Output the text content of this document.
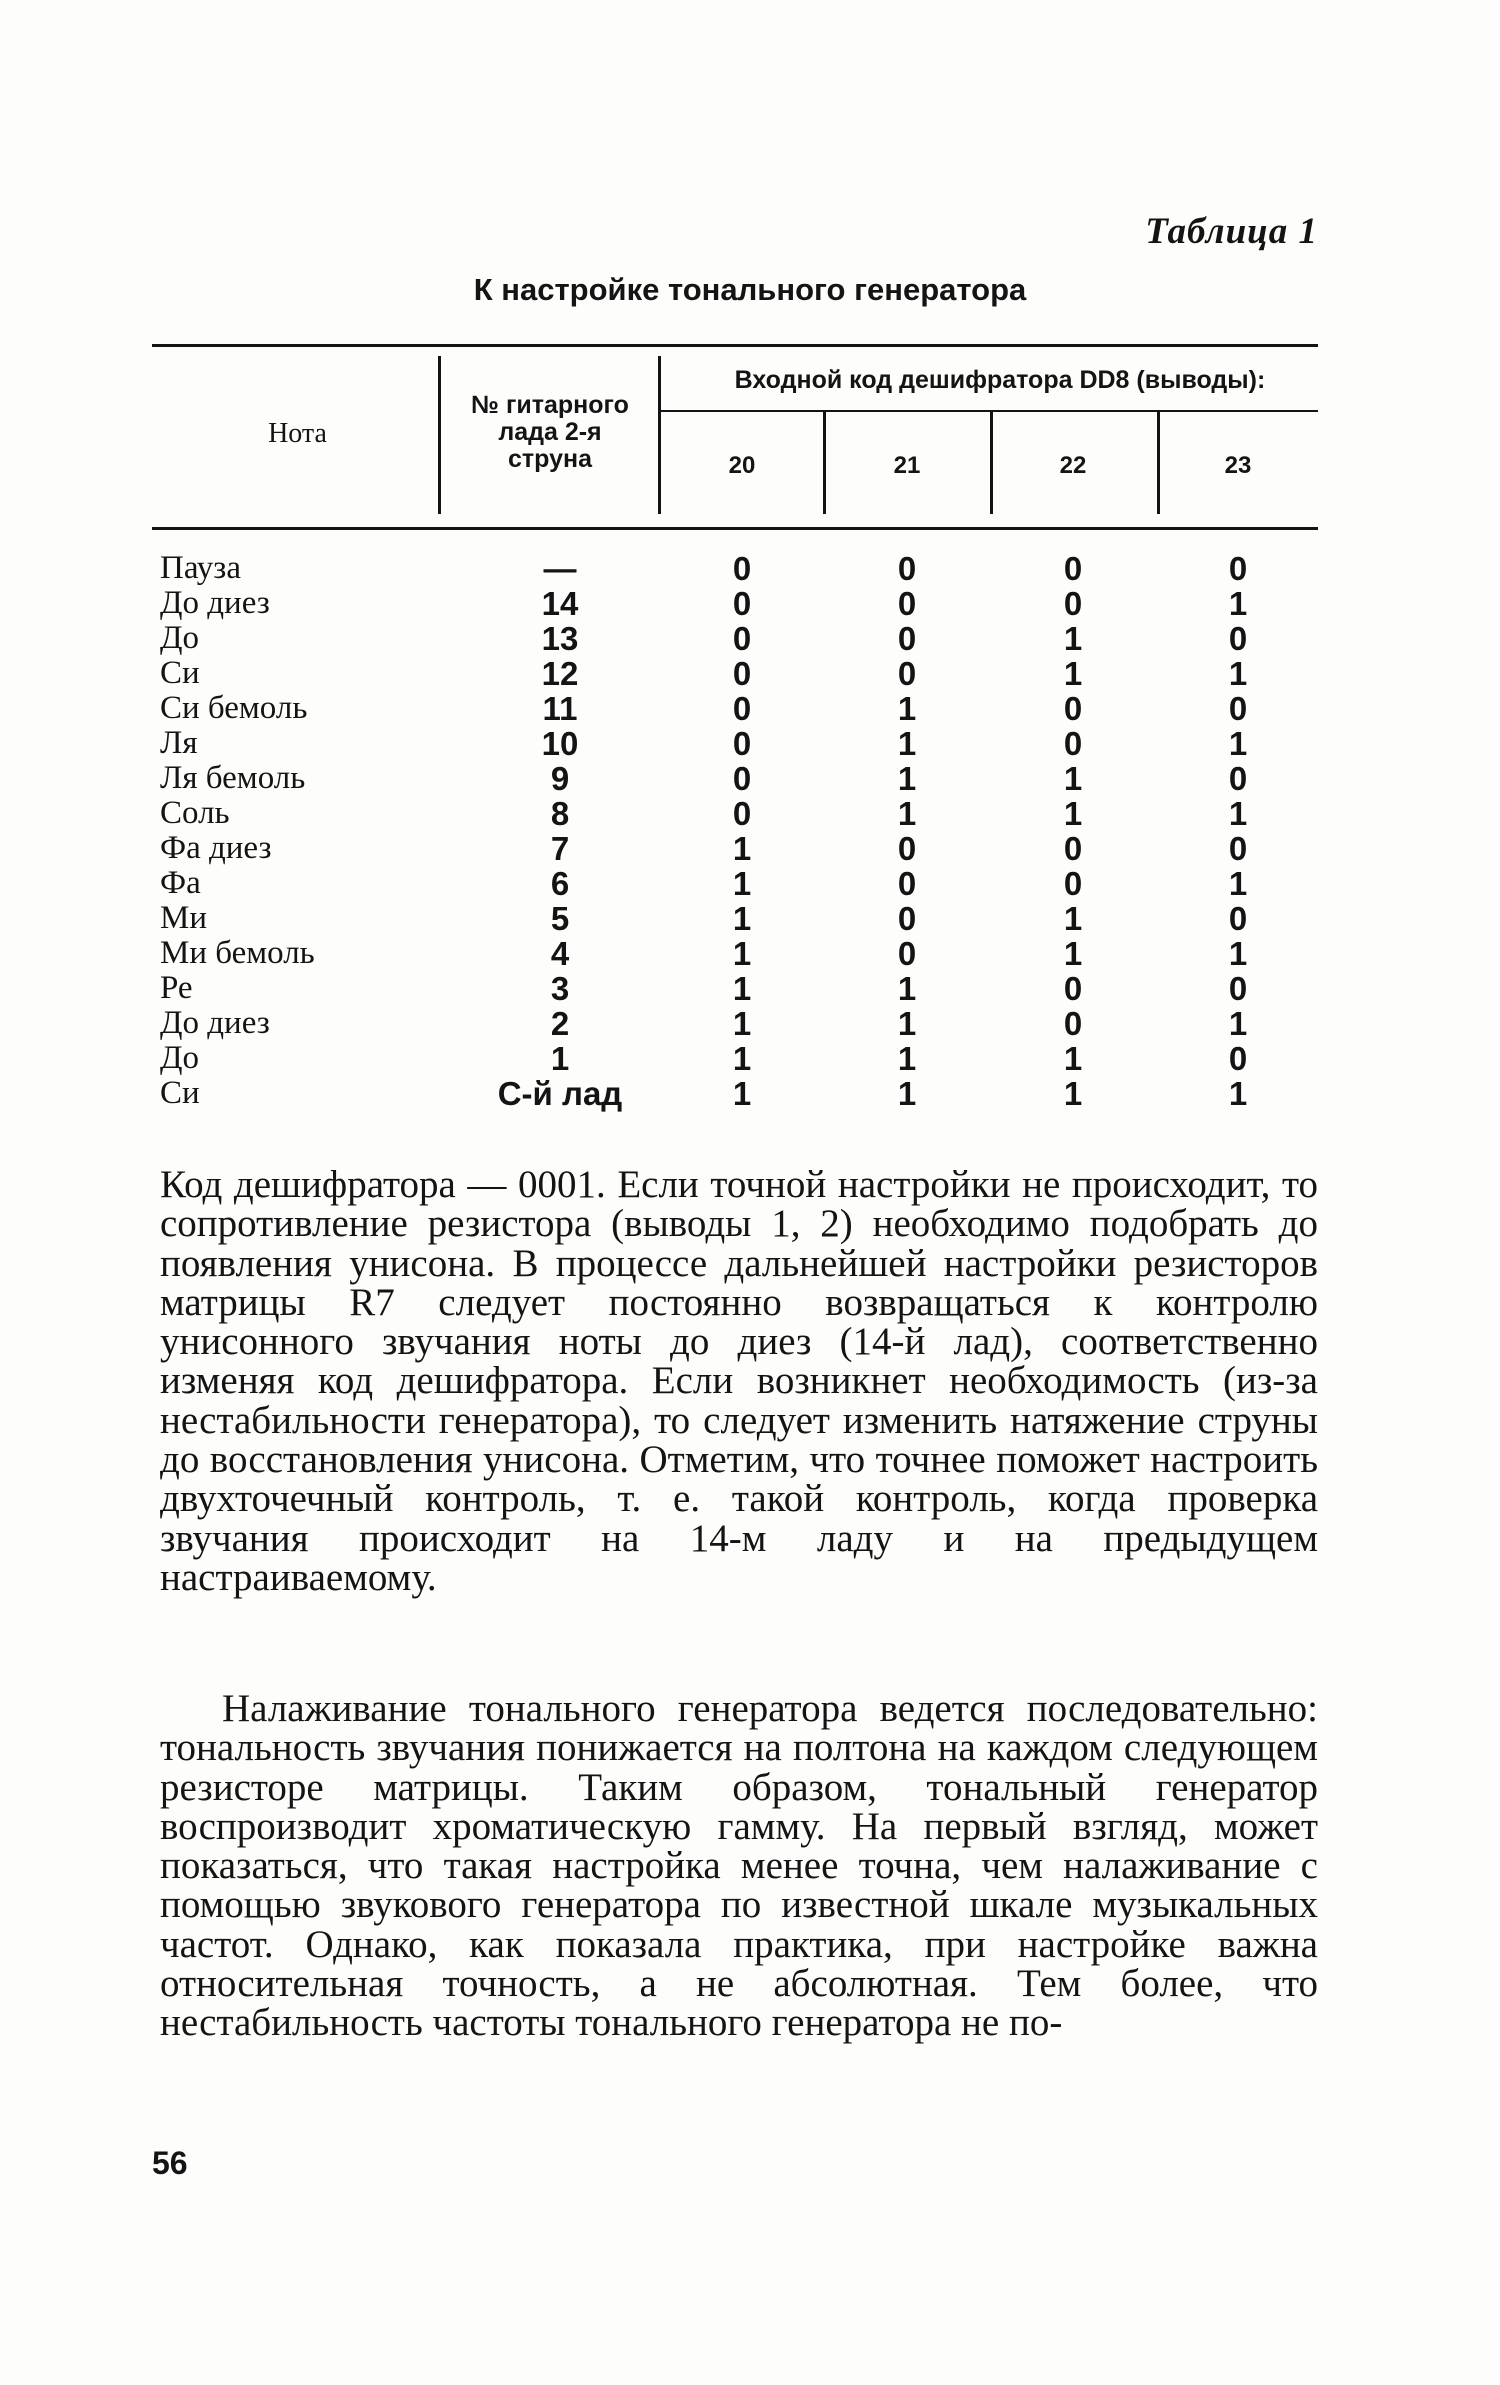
Таблица 1
К настройке тонального генератора
Нота
№ гитарного
лада 2-я
струна
Входной код дешифратора DD8 (выводы):
20	21	22	23
Пауза	—	0	0	0	0
До диез	14	0	0	0	1
До	13	0	0	1	0
Си	12	0	0	1	1
Си бемоль	11	0	1	0	0
Ля	10	0	1	0	1
Ля бемоль	9	0	1	1	0
Соль	8	0	1	1	1
Фа диез	7	1	0	0	0
Фа	6	1	0	0	1
Ми	5	1	0	1	0
Ми бемоль	4	1	0	1	1
Ре	3	1	1	0	0
До диез	2	1	1	0	1
До	1	1	1	1	0
Си	С-й лад	1	1	1	1

Код дешифратора — 0001. Если точной настройки не происходит, то сопротивление резистора (выводы 1, 2) необходимо подобрать до появления унисона. В процессе дальнейшей настройки резисторов матрицы R7 следует постоянно возвращаться к контролю унисонного звучания ноты до диез (14-й лад), соответственно изменяя код дешифратора. Если возникнет необходимость (из-за нестабильности генератора), то следует изменить натяжение струны до восстановления унисона. Отметим, что точнее поможет настроить двухточечный контроль, т. е. такой контроль, когда проверка звучания происходит на 14-м ладу и на предыдущем настраиваемому.

Налаживание тонального генератора ведется последовательно: тональность звучания понижается на полтона на каждом следующем резисторе матрицы. Таким образом, тональный генератор воспроизводит хроматическую гамму. На первый взгляд, может показаться, что такая настройка менее точна, чем налаживание с помощью звукового генератора по известной шкале музыкальных частот. Однако, как показала практика, при настройке важна относительная точность, а не абсолютная. Тем более, что нестабильность частоты тонального генератора не по-

56
